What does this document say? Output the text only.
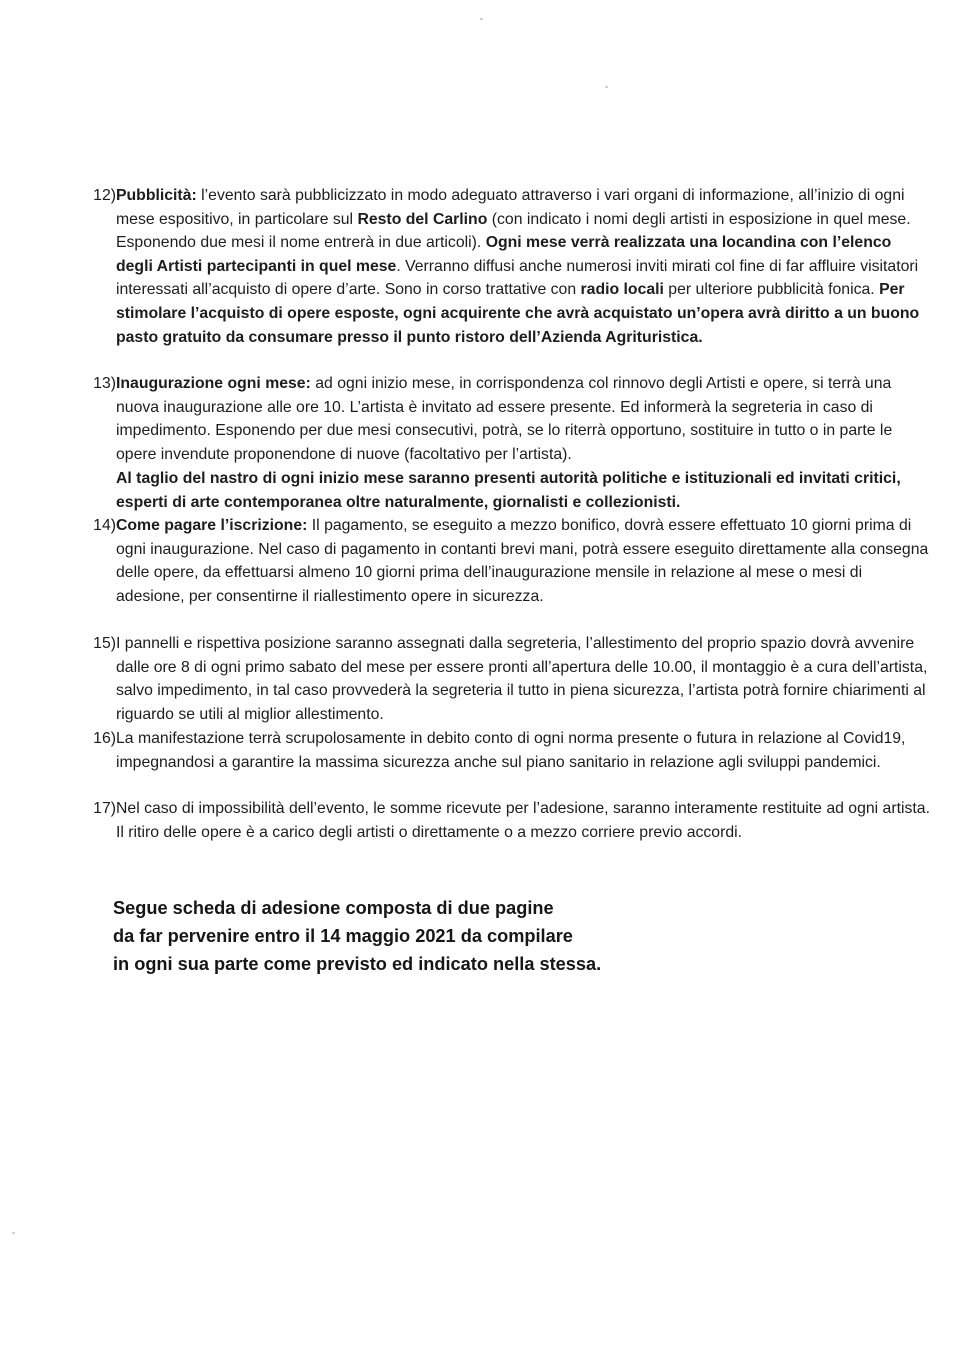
12) Pubblicità: l’evento sarà pubblicizzato in modo adeguato attraverso i vari organi di informazione, all’inizio di ogni mese espositivo, in particolare sul Resto del Carlino (con indicato i nomi degli artisti in esposizione in quel mese. Esponendo due mesi il nome entrerà in due articoli). Ogni mese verrà realizzata una locandina con l’elenco degli Artisti partecipanti in quel mese. Verranno diffusi anche numerosi inviti mirati col fine di far affluire visitatori interessati all’acquisto di opere d’arte. Sono in corso trattative con radio locali per ulteriore pubblicità fonica. Per stimolare l’acquisto di opere esposte, ogni acquirente che avrà acquistato un’opera avrà diritto a un buono pasto gratuito da consumare presso il punto ristoro dell’Azienda Agrituristica.

13) Inaugurazione ogni mese: ad ogni inizio mese, in corrispondenza col rinnovo degli Artisti e opere, si terrà una nuova inaugurazione alle ore 10. L’artista è invitato ad essere presente. Ed informerà la segreteria in caso di impedimento. Esponendo per due mesi consecutivi, potrà, se lo riterrà opportuno, sostituire in tutto o in parte le opere invendute proponendone di nuove (facoltativo per l’artista).

Al taglio del nastro di ogni inizio mese saranno presenti autorità politiche e istituzionali ed invitati critici, esperti di arte contemporanea oltre naturalmente, giornalisti e collezionisti.

14) Come pagare l’iscrizione: Il pagamento, se eseguito a mezzo bonifico, dovrà essere effettuato 10 giorni prima di ogni inaugurazione. Nel caso di pagamento in contanti brevi mani, potrà essere eseguito direttamente alla consegna delle opere, da effettuarsi almeno 10 giorni prima dell’inaugurazione mensile in relazione al mese o mesi di adesione, per consentirne il riallestimento opere in sicurezza.

15) I pannelli e rispettiva posizione saranno assegnati dalla segreteria, l’allestimento del proprio spazio dovrà avvenire dalle ore 8 di ogni primo sabato del mese per essere pronti all’apertura delle 10.00, il montaggio è a cura dell’artista, salvo impedimento, in tal caso provvederà la segreteria il tutto in piena sicurezza, l’artista potrà fornire chiarimenti al riguardo se utili al miglior allestimento.

16) La manifestazione terrà scrupolosamente in debito conto di ogni norma presente o futura in relazione al Covid19, impegnandosi a garantire la massima sicurezza anche sul piano sanitario in relazione agli sviluppi pandemici.

17) Nel caso di impossibilità dell’evento, le somme ricevute per l’adesione, saranno interamente restituite ad ogni artista. Il ritiro delle opere è a carico degli artisti o direttamente o a mezzo corriere previo accordi.

Segue scheda di adesione composta di due pagine
da far pervenire entro il 14 maggio 2021 da compilare
in ogni sua parte come previsto ed indicato nella stessa.
